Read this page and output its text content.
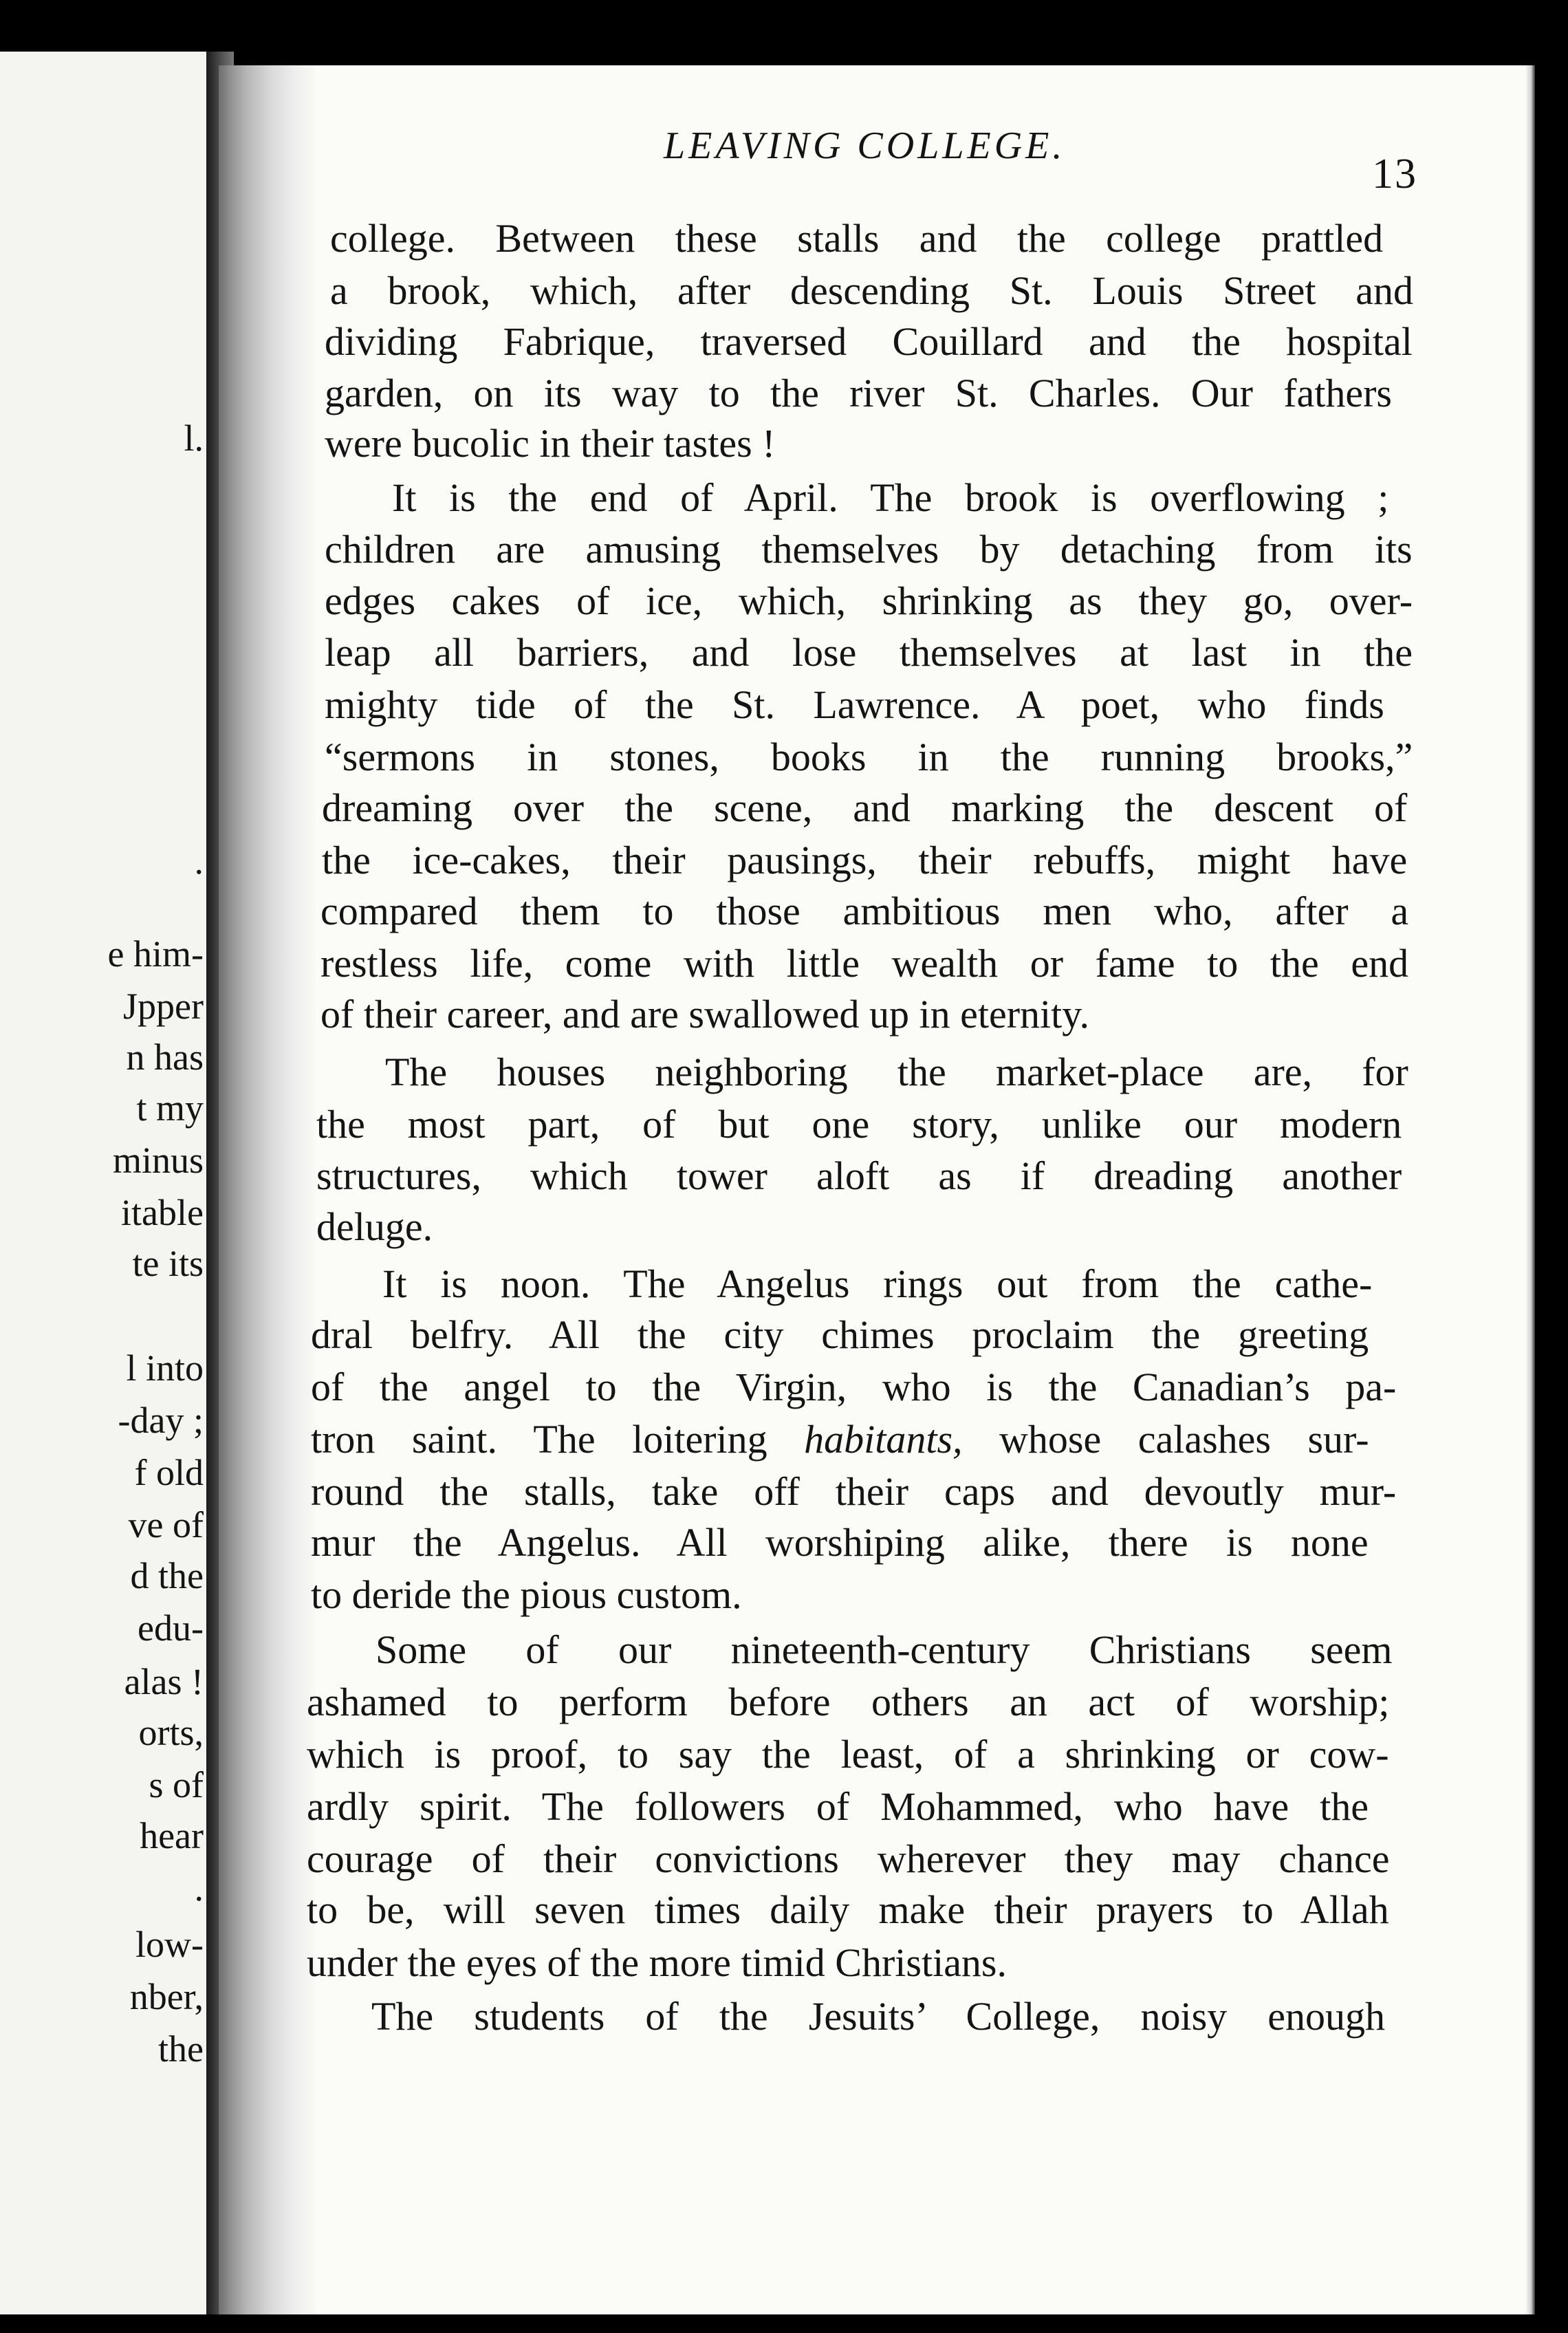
l.
.
e him-
Jpper
n has
t my
minus
itable
te its
l into
-day ;
f old
ve of
d the
edu-
alas !
orts,
s of
hear
.
low-
nber,
the
LEAVING COLLEGE.
13
college. Between these stalls and the college prattled
a brook, which, after descending St. Louis Street and
dividing Fabrique, traversed Couillard and the hospital
garden, on its way to the river St. Charles. Our fathers
were bucolic in their tastes !
It is the end of April. The brook is overflowing ;
children are amusing themselves by detaching from its
edges cakes of ice, which, shrinking as they go, over-
leap all barriers, and lose themselves at last in the
mighty tide of the St. Lawrence. A poet, who finds
“sermons in stones, books in the running brooks,”
dreaming over the scene, and marking the descent of
the ice-cakes, their pausings, their rebuffs, might have
compared them to those ambitious men who, after a
restless life, come with little wealth or fame to the end
of their career, and are swallowed up in eternity.
The houses neighboring the market-place are, for
the most part, of but one story, unlike our modern
structures, which tower aloft as if dreading another
deluge.
It is noon. The Angelus rings out from the cathe-
dral belfry. All the city chimes proclaim the greeting
of the angel to the Virgin, who is the Canadian’s pa-
tron saint. The loitering habitants, whose calashes sur-
round the stalls, take off their caps and devoutly mur-
mur the Angelus. All worshiping alike, there is none
to deride the pious custom.
Some of our nineteenth-century Christians seem
ashamed to perform before others an act of worship;
which is proof, to say the least, of a shrinking or cow-
ardly spirit. The followers of Mohammed, who have the
courage of their convictions wherever they may chance
to be, will seven times daily make their prayers to Allah
under the eyes of the more timid Christians.
The students of the Jesuits’ College, noisy enough
